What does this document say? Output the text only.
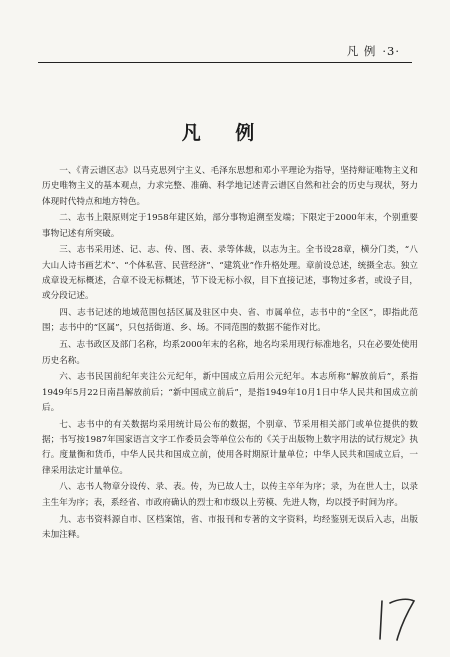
凡 例 ·3·
凡 例

一、《青云谱区志》以马克思列宁主义、毛泽东思想和邓小平理论为指导，坚持辩证唯物主义和历史唯物主义的基本观点，力求完整、准确、科学地记述青云谱区自然和社会的历史与现状，努力体现时代特点和地方特色。

二、志书上限原则定于1958年建区始，部分事物追溯至发端；下限定于2000年末，个别重要事物记述有所突破。

三、志书采用述、记、志、传、图、表、录等体裁，以志为主。全书设28章，横分门类，“八大山人诗书画艺术”、“个体私营、民营经济”、“建筑业”作升格处理。章前设总述，统摄全志。独立成章设无标概述，合章不设无标概述，节下设无标小叙，目下直接记述，事物过多者，或设子目，或分段记述。

四、志书记述的地域范围包括区属及驻区中央、省、市属单位，志书中的“全区”，即指此范围；志书中的“区属”，只包括街道、乡、场。不同范围的数据不能作对比。

五、志书政区及部门名称，均系2000年末的名称，地名均采用现行标准地名，只在必要处使用历史名称。

六、志书民国前纪年夹注公元纪年，新中国成立后用公元纪年。本志所称“解放前后”，系指1949年5月22日南昌解放前后；“新中国成立前后”，是指1949年10月1日中华人民共和国成立前后。

七、志书中的有关数据均采用统计局公布的数据，个别章、节采用相关部门或单位提供的数据；书写按1987年国家语言文字工作委员会等单位公布的《关于出版物上数字用法的试行规定》执行。度量衡和货币，中华人民共和国成立前，使用各时期原计量单位；中华人民共和国成立后，一律采用法定计量单位。

八、志书人物章分设传、录、表。传，为已故人士，以传主卒年为序；录，为在世人士，以录主生年为序；表，系经省、市政府确认的烈士和市级以上劳模、先进人物，均以授予时间为序。

九、志书资料源自市、区档案馆，省、市报刊和专著的文字资料，均经鉴别无误后入志，出版未加注释。
